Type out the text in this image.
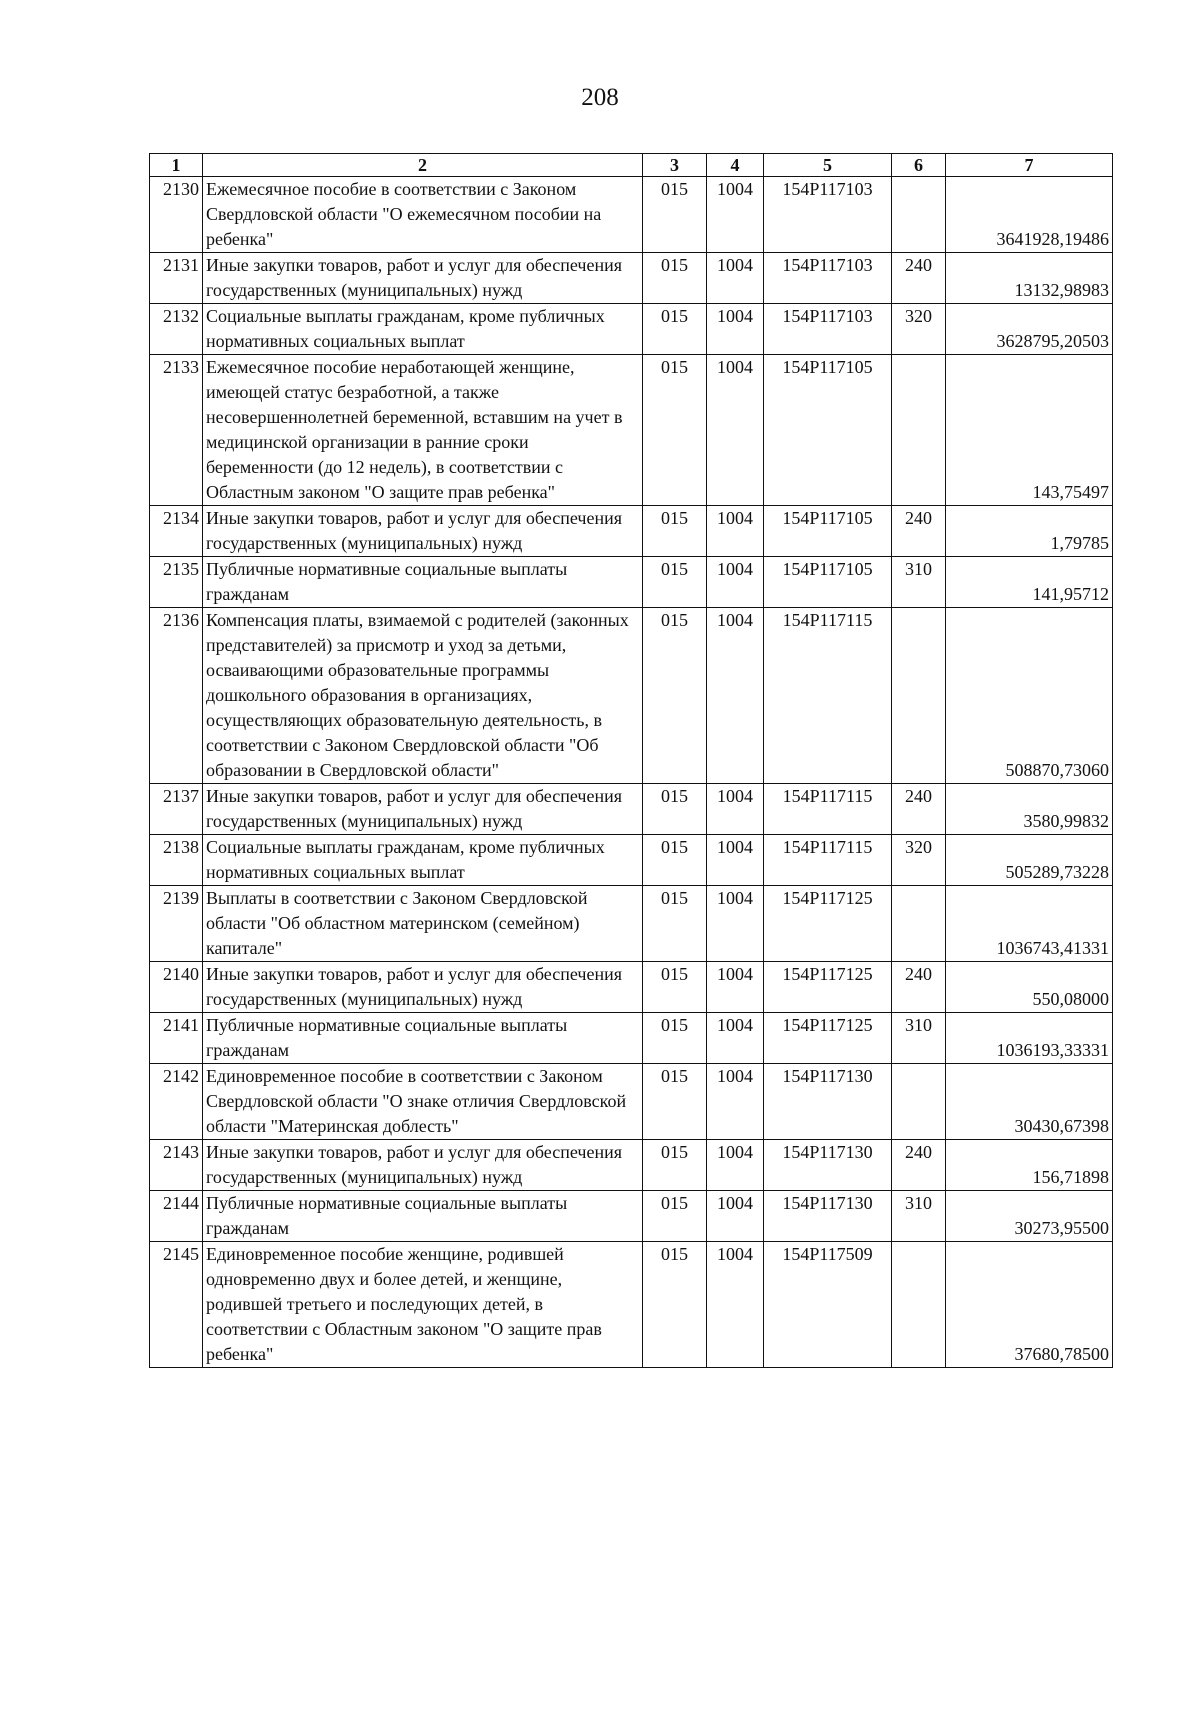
208
1	2	3	4	5	6	7
2130	Ежемесячное пособие в соответствии с Законом Свердловской области "О ежемесячном пособии на ребенка"	015	1004	154P117103		3641928,19486
2131	Иные закупки товаров, работ и услуг для обеспечения государственных (муниципальных) нужд	015	1004	154P117103	240	13132,98983
2132	Социальные выплаты гражданам, кроме публичных нормативных социальных выплат	015	1004	154P117103	320	3628795,20503
2133	Ежемесячное пособие неработающей женщине, имеющей статус безработной, а также несовершеннолетней беременной, вставшим на учет в медицинской организации в ранние сроки беременности (до 12 недель), в соответствии с Областным законом "О защите прав ребенка"	015	1004	154P117105		143,75497
2134	Иные закупки товаров, работ и услуг для обеспечения государственных (муниципальных) нужд	015	1004	154P117105	240	1,79785
2135	Публичные нормативные социальные выплаты гражданам	015	1004	154P117105	310	141,95712
2136	Компенсация платы, взимаемой с родителей (законных представителей) за присмотр и уход за детьми, осваивающими образовательные программы дошкольного образования в организациях, осуществляющих образовательную деятельность, в соответствии с Законом Свердловской области "Об образовании в Свердловской области"	015	1004	154P117115		508870,73060
2137	Иные закупки товаров, работ и услуг для обеспечения государственных (муниципальных) нужд	015	1004	154P117115	240	3580,99832
2138	Социальные выплаты гражданам, кроме публичных нормативных социальных выплат	015	1004	154P117115	320	505289,73228
2139	Выплаты в соответствии с Законом Свердловской области "Об областном материнском (семейном) капитале"	015	1004	154P117125		1036743,41331
2140	Иные закупки товаров, работ и услуг для обеспечения государственных (муниципальных) нужд	015	1004	154P117125	240	550,08000
2141	Публичные нормативные социальные выплаты гражданам	015	1004	154P117125	310	1036193,33331
2142	Единовременное пособие в соответствии с Законом Свердловской области "О знаке отличия Свердловской области "Материнская доблесть"	015	1004	154P117130		30430,67398
2143	Иные закупки товаров, работ и услуг для обеспечения государственных (муниципальных) нужд	015	1004	154P117130	240	156,71898
2144	Публичные нормативные социальные выплаты гражданам	015	1004	154P117130	310	30273,95500
2145	Единовременное пособие женщине, родившей одновременно двух и более детей, и женщине, родившей третьего и последующих детей, в соответствии с Областным законом "О защите прав ребенка"	015	1004	154P117509		37680,78500
